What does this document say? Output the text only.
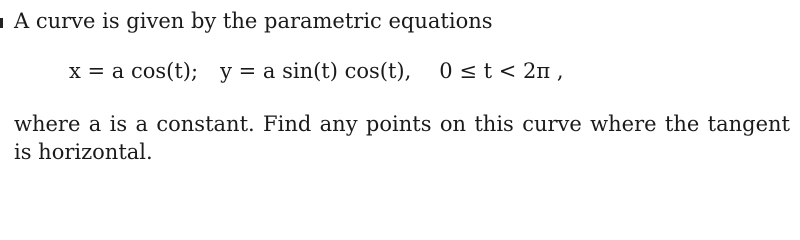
A curve is given by the parametric equations
x = a cos(t); y = a sin(t) cos(t), 0 ≤ t < 2π ,
where a is a constant. Find any points on this curve where the tangent is horizontal.
